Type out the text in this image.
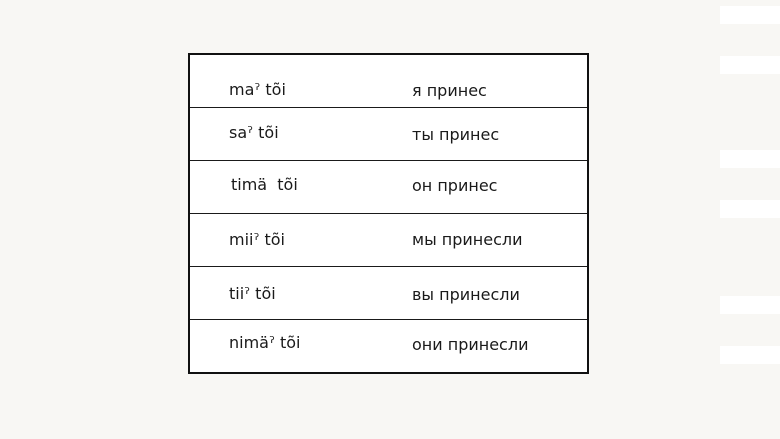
maˀ tõi	я принес
saˀ tõi	ты принес
timä  tõi	он принес
miiˀ tõi	мы принесли
tiiˀ tõi	вы принесли
nimäˀ tõi	они принесли
